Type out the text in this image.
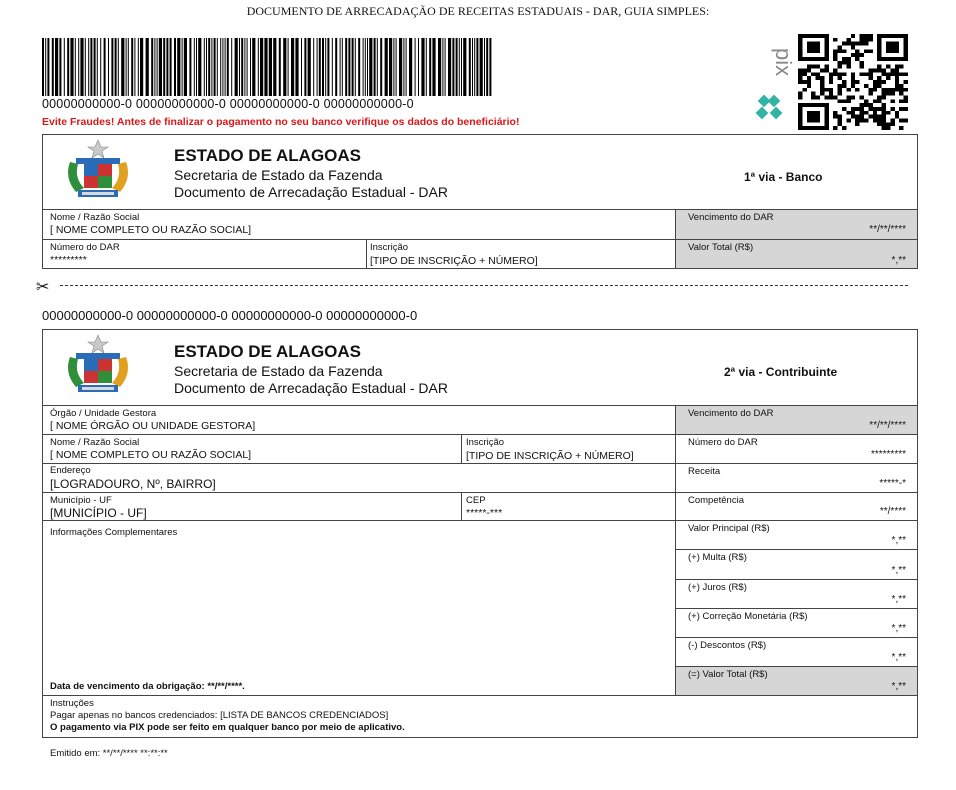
DOCUMENTO DE ARRECADAÇÃO DE RECEITAS ESTADUAIS - DAR, GUIA SIMPLES:
00000000000-0 00000000000-0 00000000000-0 00000000000-0
Evite Fraudes! Antes de finalizar o pagamento no seu banco verifique os dados do beneficiário!
pix
ESTADO DE ALAGOAS
Secretaria de Estado da Fazenda
Documento de Arrecadação Estadual - DAR
1ª via - Banco
Nome / Razão Social
[ NOME COMPLETO OU RAZÃO SOCIAL]
Número do DAR
*********
Inscrição
[TIPO DE INSCRIÇÃO + NÚMERO]
Vencimento do DAR
**/**/****
Valor Total (R$)
*,**
✂
00000000000-0 00000000000-0 00000000000-0 00000000000-0
ESTADO DE ALAGOAS
Secretaria de Estado da Fazenda
Documento de Arrecadação Estadual - DAR
2ª via - Contribuinte
Órgão / Unidade Gestora
[ NOME ÓRGÃO OU UNIDADE GESTORA]
Nome / Razão Social
[ NOME COMPLETO OU RAZÃO SOCIAL]
Inscrição
[TIPO DE INSCRIÇÃO + NÚMERO]
Endereço
[LOGRADOURO, Nº, BAIRRO]
Município - UF
[MUNICÍPIO - UF]
CEP
*****-***
Informações Complementares
Data de vencimento da obrigação: **/**/****.
Vencimento do DAR
**/**/****
Número do DAR
*********
Receita
*****-*
Competência
**/****
Valor Principal (R$)
*,**
(+) Multa (R$)
*,**
(+) Juros (R$)
*,**
(+) Correção Monetária (R$)
*,**
(-) Descontos (R$)
*,**
(=) Valor Total (R$)
*,**
Instruções
Pagar apenas no bancos credenciados: [LISTA DE BANCOS CREDENCIADOS]
O pagamento via PIX pode ser feito em qualquer banco por meio de aplicativo.
Emitido em: **/**/**** **:**:**
